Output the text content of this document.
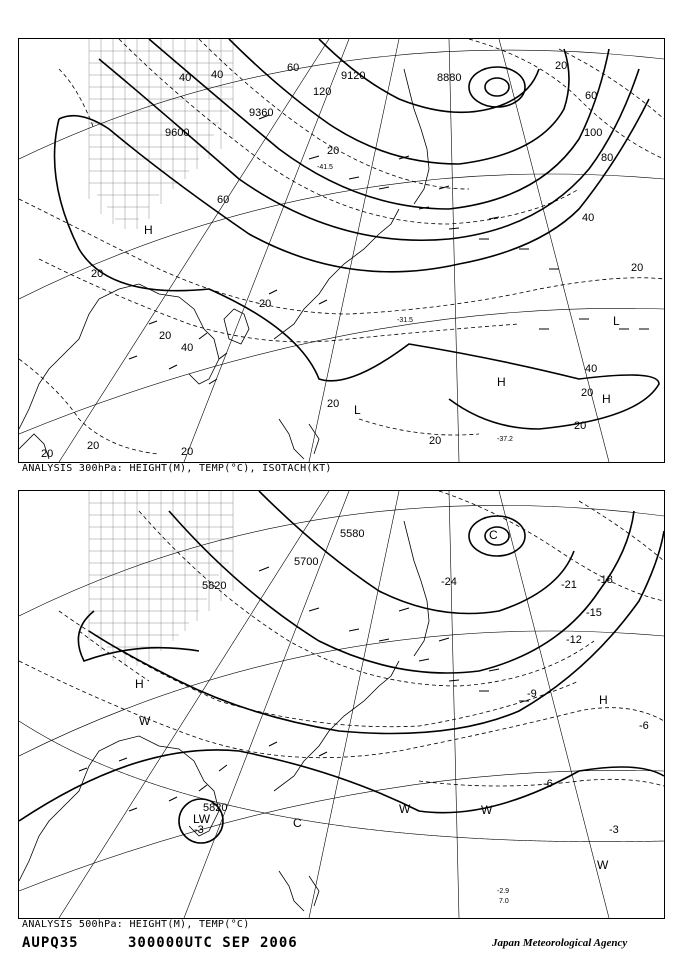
9120
9600
8880
9360
20
20
20
20
20
20
20
20
20	20
20
20
20
40
40
40 40
40
60
60
60
80
100
120
H
L
H
H
L
-37.2
-41.5
-31.5
ANALYSIS 300hPa: HEIGHT(M), TEMP(°C), ISOTACH(KT)
5700
5820
5580
5820
-3
-6
-6
-9
-12
-15
-18
-21
-24
-3
H
W
LW	C
W	W
W
H
C
-2.9
7.0
ANALYSIS 500hPa: HEIGHT(M), TEMP(°C)
AUPQ35	300000UTC SEP 2006	Japan Meteorological Agency
